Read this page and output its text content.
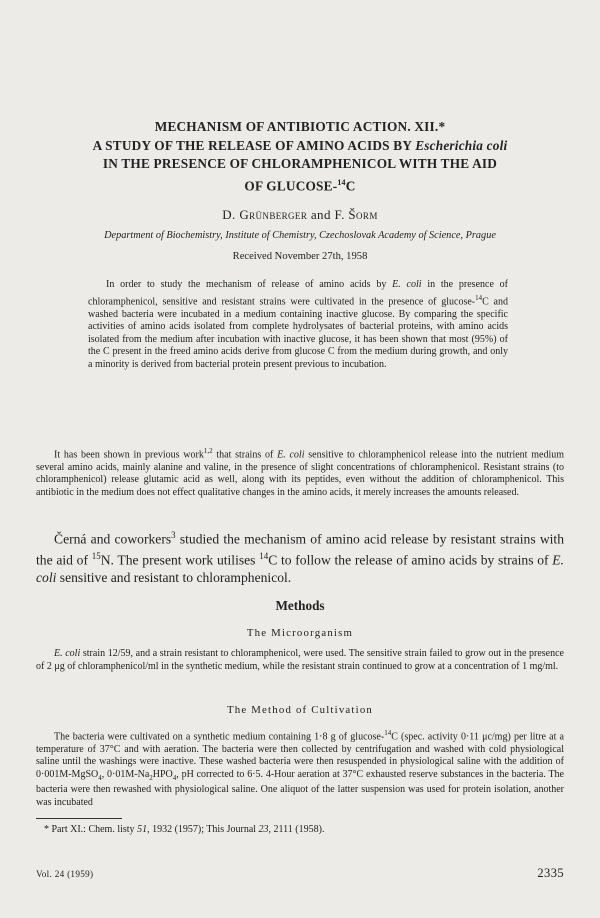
MECHANISM OF ANTIBIOTIC ACTION. XII.*
A STUDY OF THE RELEASE OF AMINO ACIDS BY Escherichia coli
IN THE PRESENCE OF CHLORAMPHENICOL WITH THE AID
OF GLUCOSE-$^{14}$C
D. Grünberger and F. Šorm
Department of Biochemistry, Institute of Chemistry, Czechoslovak Academy of Science, Prague
Received November 27th, 1958

In order to study the mechanism of release of amino acids by E. coli in the presence of chloramphenicol, sensitive and resistant strains were cultivated in the presence of glucose-$^{14}$C and washed bacteria were incubated in a medium containing inactive glucose. By comparing the specific activities of amino acids isolated from complete hydrolysates of bacterial proteins, with amino acids isolated from the medium after incubation with inactive glucose, it has been shown that most (95%) of the C present in the freed amino acids derive from glucose C from the medium during growth, and only a minority is derived from bacterial protein present previous to incubation.

It has been shown in previous work$^{1,2}$ that strains of E. coli sensitive to chloramphenicol release into the nutrient medium several amino acids, mainly alanine and valine, in the presence of slight concentrations of chloramphenicol. Resistant strains (to chloramphenicol) release glutamic acid as well, along with its peptides, even without the addition of chloramphenicol. This antibiotic in the medium does not effect qualitative changes in the amino acids, it merely increases the amounts released.

Černá and coworkers$^3$ studied the mechanism of amino acid release by resistant strains with the aid of $^{15}$N. The present work utilises $^{14}$C to follow the release of amino acids by strains of E. coli sensitive and resistant to chloramphenicol.

Methods
The Microorganism

E. coli strain 12/59, and a strain resistant to chloramphenicol, were used. The sensitive strain failed to grow out in the presence of 2 μg of chloramphenicol/ml in the synthetic medium, while the resistant strain continued to grow at a concentration of 1 mg/ml.

The Method of Cultivation

The bacteria were cultivated on a synthetic medium containing 1·8 g of glucose-$^{14}$C (spec. activity 0·11 μc/mg) per litre at a temperature of 37°C and with aeration. The bacteria were then collected by centrifugation and washed with cold physiological saline until the washings were inactive. These washed bacteria were then resuspended in physiological saline with the addition of 0·001M-MgSO$_4$, $0\cdot 01M-Na_2HPO_4$, pH corrected to 6·5. 4-Hour aeration at 37°C exhausted reserve substances in the bacteria. The bacteria were then rewashed with physiological saline. One aliquot of the latter suspension was used for protein isolation, another was incubated

* Part XI.: Chem. listy 51, 1932 (1957); This Journal 23, 2111 (1958).
Vol. 24 (1959)	2335
